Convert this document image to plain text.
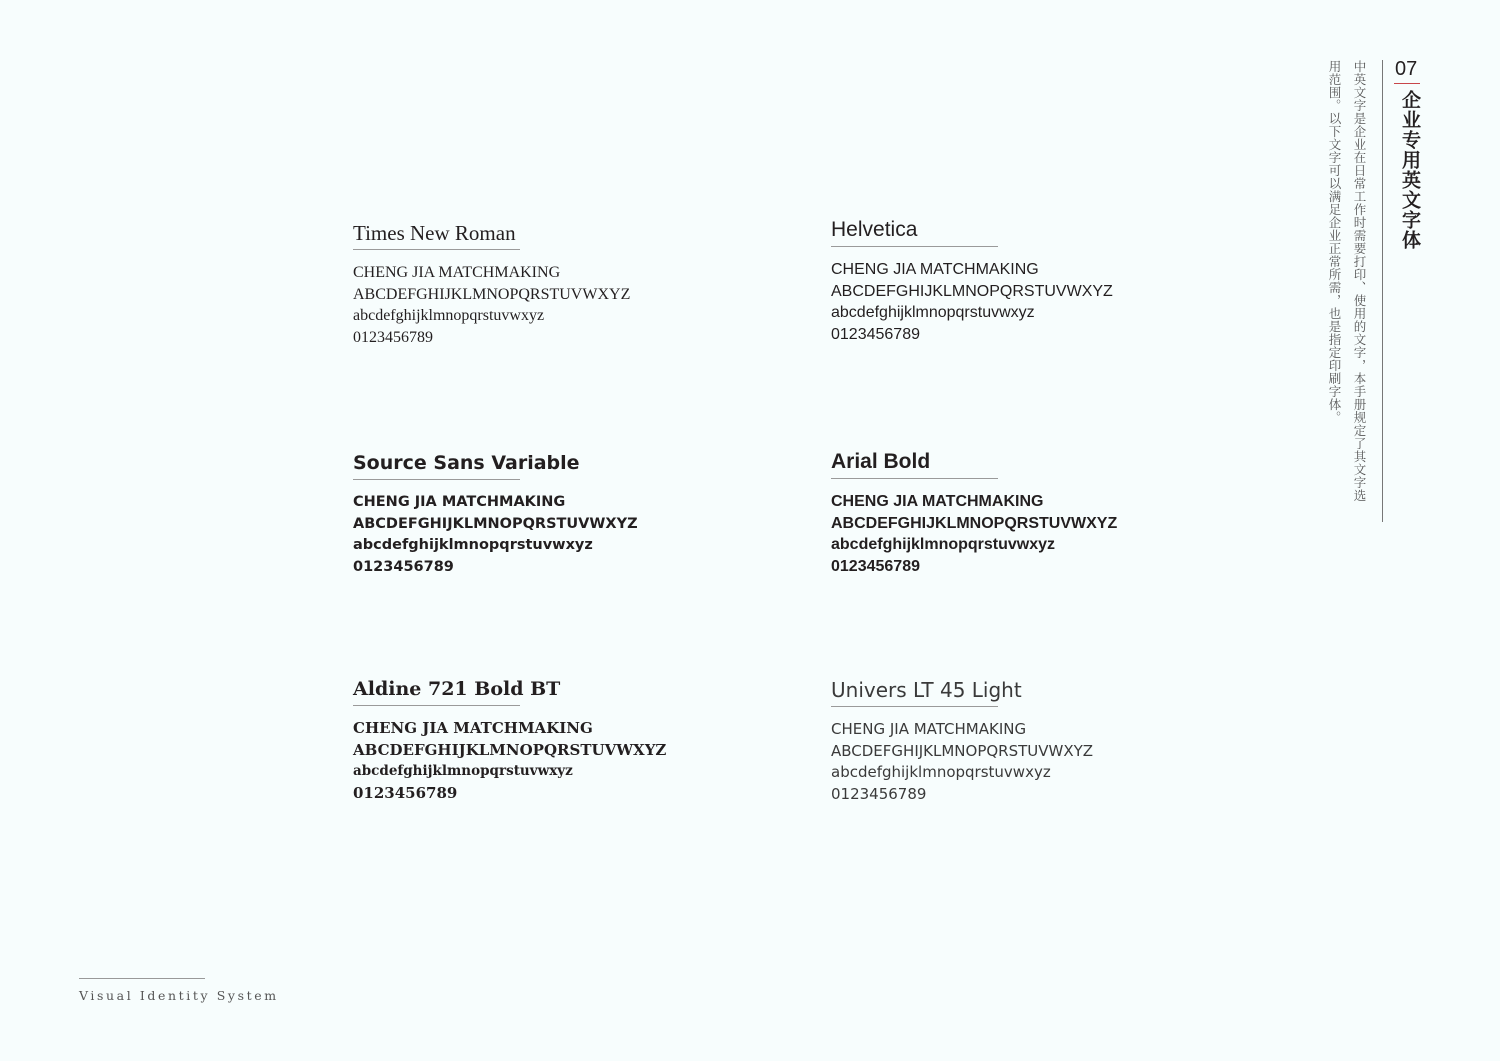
Times New Roman
CHENG JIA MATCHMAKING
ABCDEFGHIJKLMNOPQRSTUVWXYZ
abcdefghijklmnopqrstuvwxyz
0123456789
Helvetica
CHENG JIA MATCHMAKING
ABCDEFGHIJKLMNOPQRSTUVWXYZ
abcdefghijklmnopqrstuvwxyz
0123456789
Source Sans Variable
CHENG JIA MATCHMAKING
ABCDEFGHIJKLMNOPQRSTUVWXYZ
abcdefghijklmnopqrstuvwxyz
0123456789
Arial Bold
CHENG JIA MATCHMAKING
ABCDEFGHIJKLMNOPQRSTUVWXYZ
abcdefghijklmnopqrstuvwxyz
0123456789
Aldine 721 Bold BT
CHENG JIA MATCHMAKING
ABCDEFGHIJKLMNOPQRSTUVWXYZ
abcdefghijklmnopqrstuvwxyz
0123456789
Univers LT 45 Light
CHENG JIA MATCHMAKING
ABCDEFGHIJKLMNOPQRSTUVWXYZ
abcdefghijklmnopqrstuvwxyz
0123456789
07
企业专用英文字体
中英文字是企业在日常工作时需要打印、使用的文字，本手册规定了其文字选用范围。以下文字可以满足企业正常所需，也是指定印刷字体。
Visual Identity System
